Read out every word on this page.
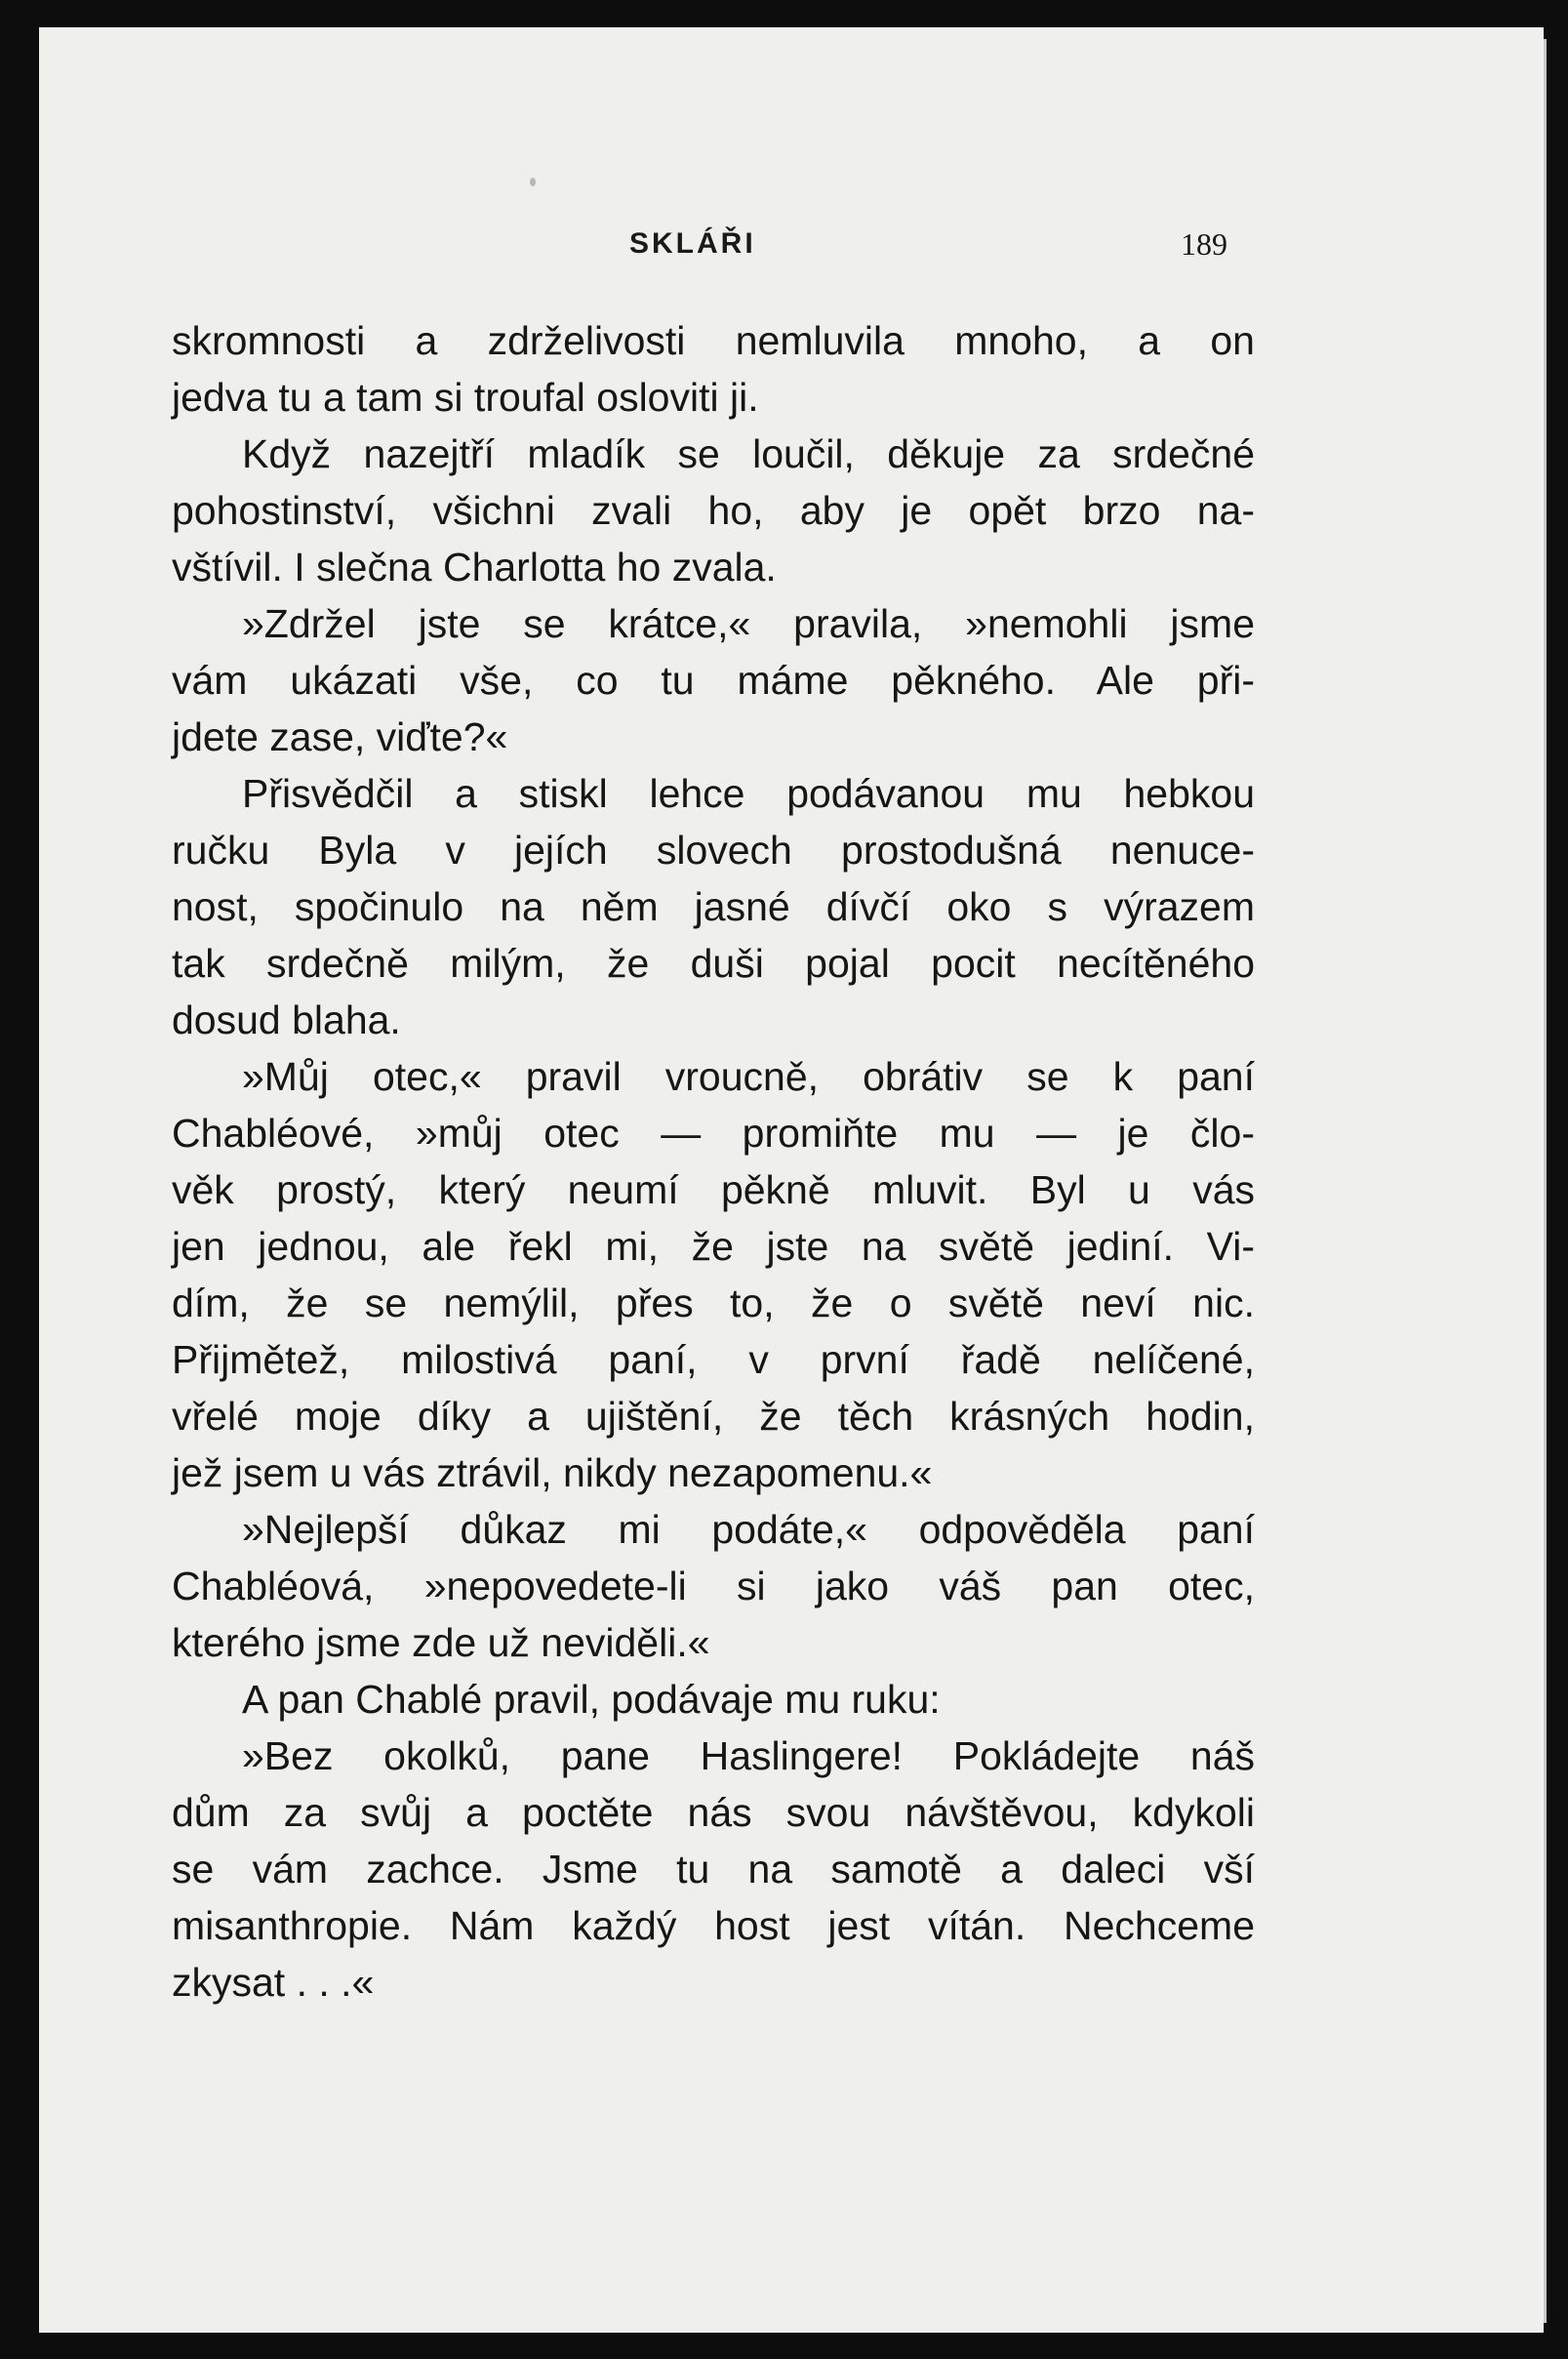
SKLÁŘI	189
skromnosti a zdrželivosti nemluvila mnoho, a on
jedva tu a tam si troufal osloviti ji.
Když nazejtří mladík se loučil, děkuje za srdečné
pohostinství, všichni zvali ho, aby je opět brzo na-
vštívil. I slečna Charlotta ho zvala.
»Zdržel jste se krátce,« pravila, »nemohli jsme
vám ukázati vše, co tu máme pěkného. Ale při-
jdete zase, viďte?«
Přisvědčil a stiskl lehce podávanou mu hebkou
ručku Byla v jejích slovech prostodušná nenuce-
nost, spočinulo na něm jasné dívčí oko s výrazem
tak srdečně milým, že duši pojal pocit necítěného
dosud blaha.
»Můj otec,« pravil vroucně, obrátiv se k paní
Chabléové, »můj otec — promiňte mu — je člo-
věk prostý, který neumí pěkně mluvit. Byl u vás
jen jednou, ale řekl mi, že jste na světě jediní. Vi-
dím, že se nemýlil, přes to, že o světě neví nic.
Přijmětež, milostivá paní, v první řadě nelíčené,
vřelé moje díky a ujištění, že těch krásných hodin,
jež jsem u vás ztrávil, nikdy nezapomenu.«
»Nejlepší důkaz mi podáte,« odpověděla paní
Chabléová, »nepovedete-li si jako váš pan otec,
kterého jsme zde už neviděli.«
A pan Chablé pravil, podávaje mu ruku:
»Bez okolků, pane Haslingere! Pokládejte náš
dům za svůj a poctěte nás svou návštěvou, kdykoli
se vám zachce. Jsme tu na samotě a daleci vší
misanthropie. Nám každý host jest vítán. Nechceme
zkysat . . .«
